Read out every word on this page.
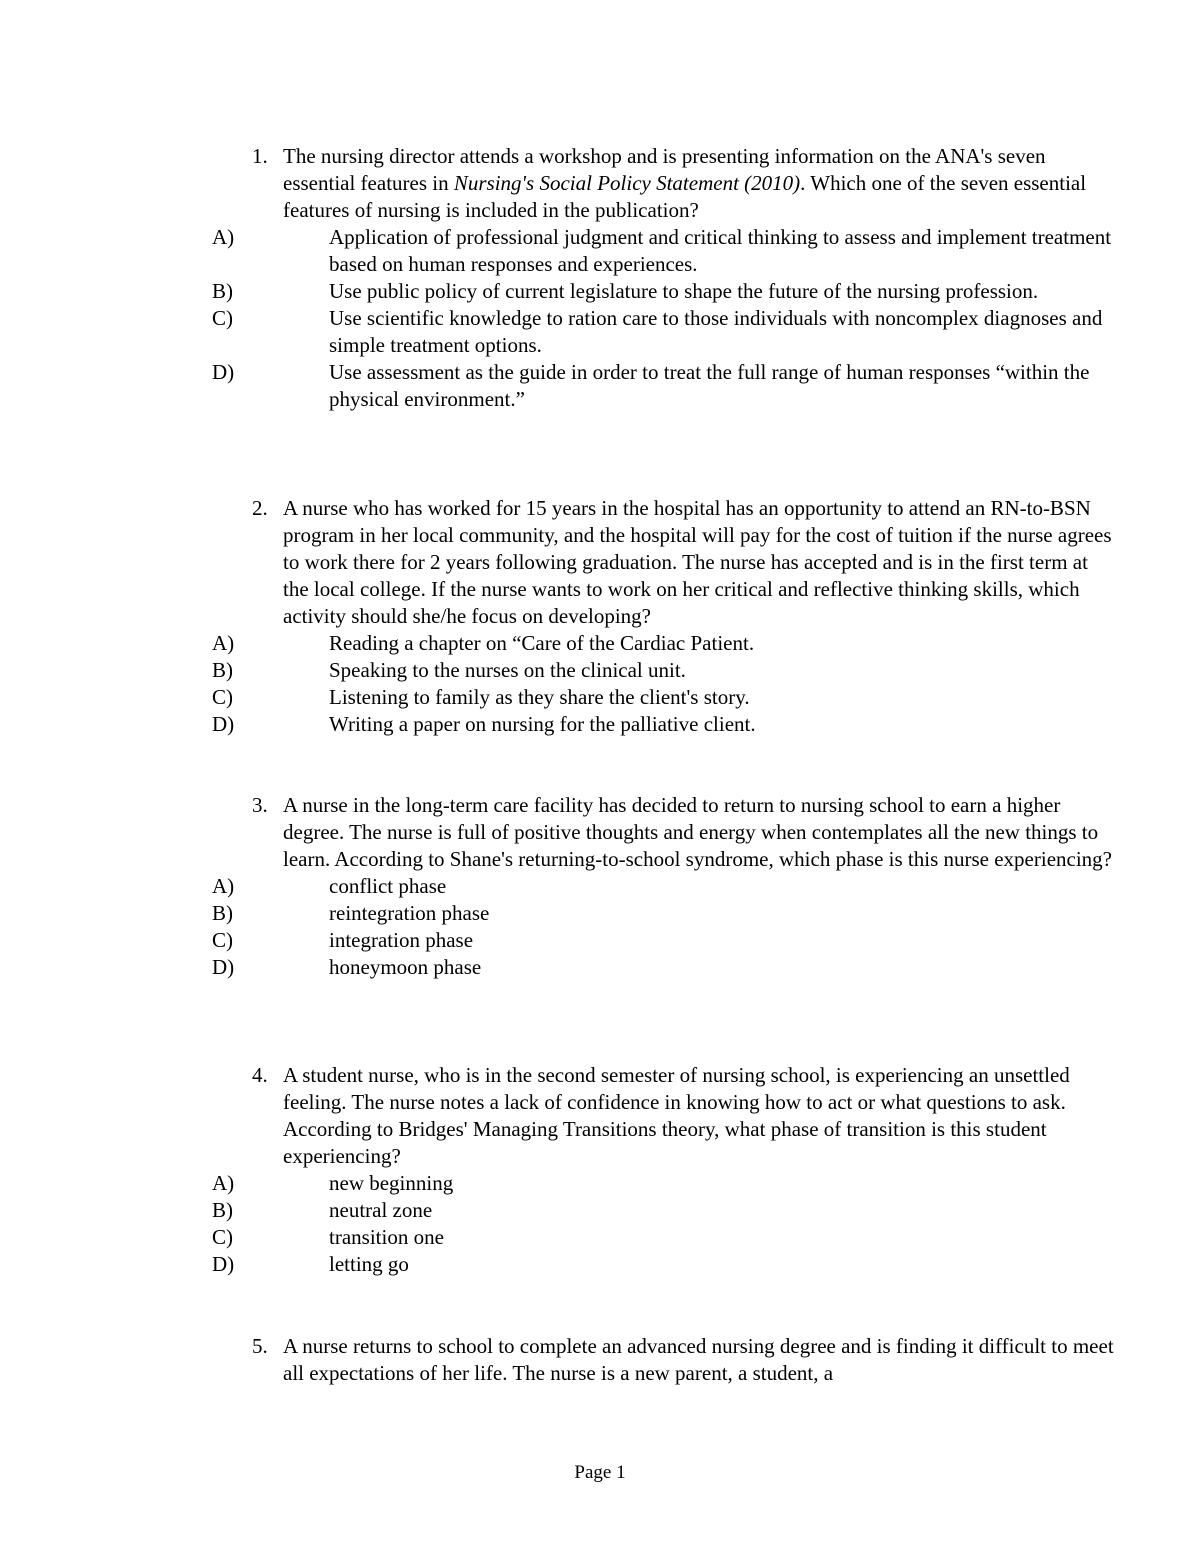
1. The nursing director attends a workshop and is presenting information on the ANA's seven essential features in Nursing's Social Policy Statement (2010). Which one of the seven essential features of nursing is included in the publication?
A)	Application of professional judgment and critical thinking to assess and implement treatment based on human responses and experiences.
B)	Use public policy of current legislature to shape the future of the nursing profession.
C)	Use scientific knowledge to ration care to those individuals with noncomplex diagnoses and simple treatment options.
D)	Use assessment as the guide in order to treat the full range of human responses “within the physical environment.”
2. A nurse who has worked for 15 years in the hospital has an opportunity to attend an RN-to-BSN program in her local community, and the hospital will pay for the cost of tuition if the nurse agrees to work there for 2 years following graduation. The nurse has accepted and is in the first term at the local college. If the nurse wants to work on her critical and reflective thinking skills, which activity should she/he focus on developing?
A)	Reading a chapter on “Care of the Cardiac Patient.
B)	Speaking to the nurses on the clinical unit.
C)	Listening to family as they share the client's story.
D)	Writing a paper on nursing for the palliative client.
3. A nurse in the long-term care facility has decided to return to nursing school to earn a higher degree. The nurse is full of positive thoughts and energy when contemplates all the new things to learn. According to Shane's returning-to-school syndrome, which phase is this nurse experiencing?
A)	conflict phase
B)	reintegration phase
C)	integration phase
D)	honeymoon phase
4. A student nurse, who is in the second semester of nursing school, is experiencing an unsettled feeling. The nurse notes a lack of confidence in knowing how to act or what questions to ask. According to Bridges' Managing Transitions theory, what phase of transition is this student experiencing?
A)	new beginning
B)	neutral zone
C)	transition one
D)	letting go
5. A nurse returns to school to complete an advanced nursing degree and is finding it difficult to meet all expectations of her life. The nurse is a new parent, a student, a
Page 1
